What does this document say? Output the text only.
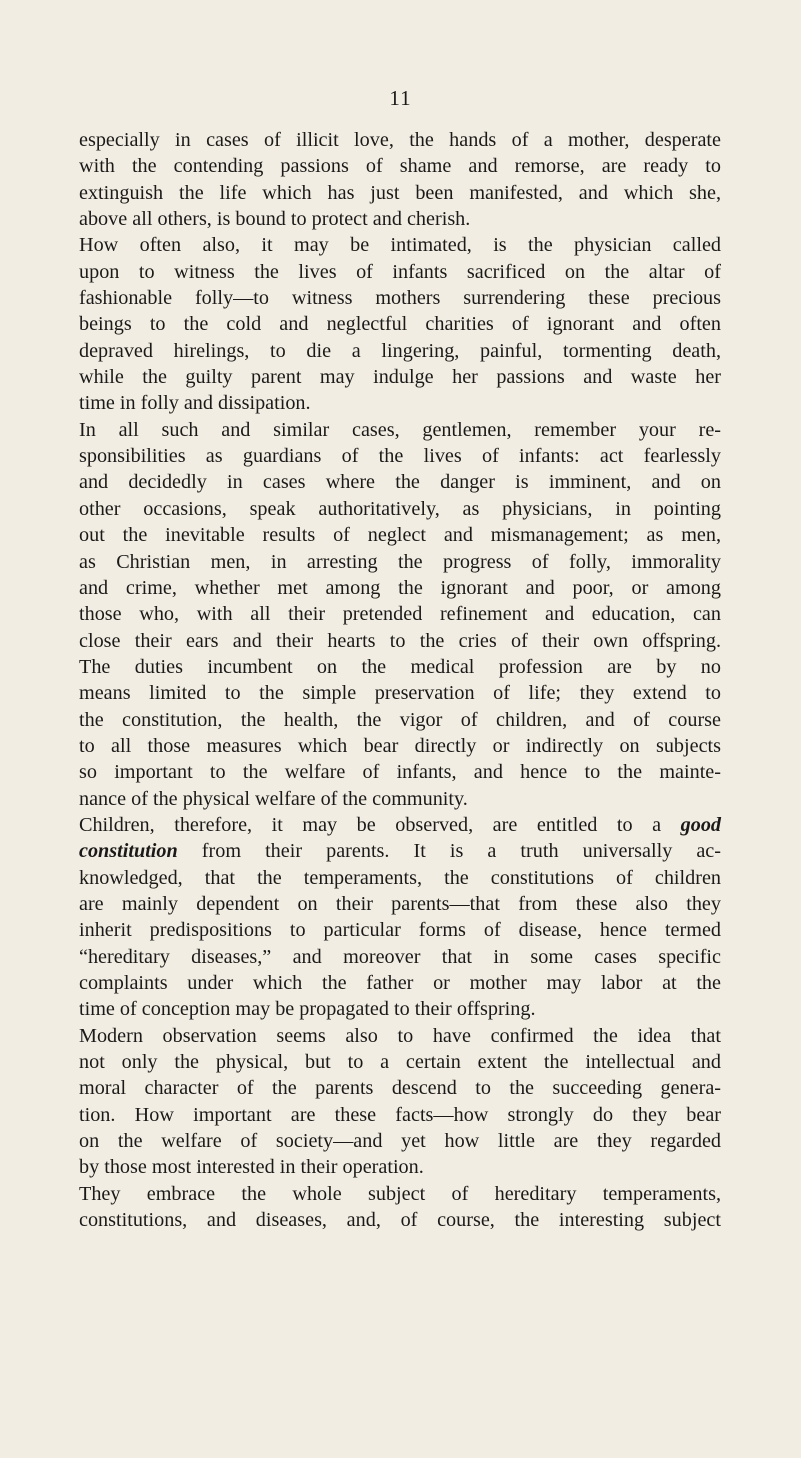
11
especially in cases of illicit love, the hands of a mother, desperate
with the contending passions of shame and remorse, are ready to
extinguish the life which has just been manifested, and which she,
above all others, is bound to protect and cherish.
How often also, it may be intimated, is the physician called
upon to witness the lives of infants sacrificed on the altar of
fashionable folly—to witness mothers surrendering these precious
beings to the cold and neglectful charities of ignorant and often
depraved hirelings, to die a lingering, painful, tormenting death,
while the guilty parent may indulge her passions and waste her
time in folly and dissipation.
In all such and similar cases, gentlemen, remember your re-
sponsibilities as guardians of the lives of infants: act fearlessly
and decidedly in cases where the danger is imminent, and on
other occasions, speak authoritatively, as physicians, in pointing
out the inevitable results of neglect and mismanagement; as men,
as Christian men, in arresting the progress of folly, immorality
and crime, whether met among the ignorant and poor, or among
those who, with all their pretended refinement and education, can
close their ears and their hearts to the cries of their own offspring.
The duties incumbent on the medical profession are by no
means limited to the simple preservation of life; they extend to
the constitution, the health, the vigor of children, and of course
to all those measures which bear directly or indirectly on subjects
so important to the welfare of infants, and hence to the mainte-
nance of the physical welfare of the community.
Children, therefore, it may be observed, are entitled to a good
constitution from their parents. It is a truth universally ac-
knowledged, that the temperaments, the constitutions of children
are mainly dependent on their parents—that from these also they
inherit predispositions to particular forms of disease, hence termed
“hereditary diseases,” and moreover that in some cases specific
complaints under which the father or mother may labor at the
time of conception may be propagated to their offspring.
Modern observation seems also to have confirmed the idea that
not only the physical, but to a certain extent the intellectual and
moral character of the parents descend to the succeeding genera-
tion. How important are these facts—how strongly do they bear
on the welfare of society—and yet how little are they regarded
by those most interested in their operation.
They embrace the whole subject of hereditary temperaments,
constitutions, and diseases, and, of course, the interesting subject
